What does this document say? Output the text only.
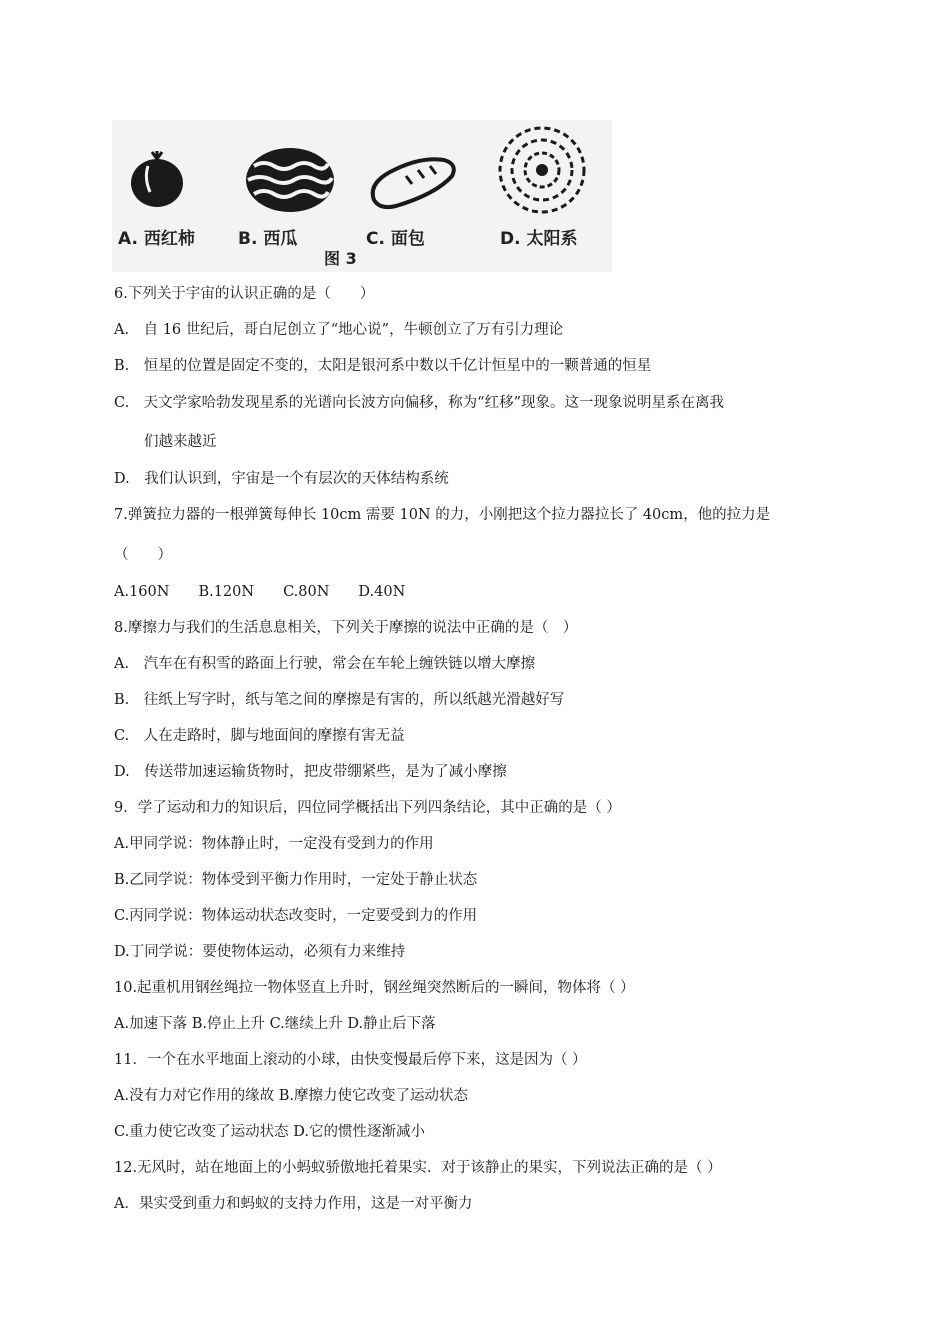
A. 西红柿	B. 西瓜	C. 面包	D. 太阳系
图 3
6.下列关于宇宙的认识正确的是（　　）
A.　自 16 世纪后，哥白尼创立了“地心说”，牛顿创立了万有引力理论
B.　恒星的位置是固定不变的，太阳是银河系中数以千亿计恒星中的一颗普通的恒星
C.　天文学家哈勃发现星系的光谱向长波方向偏移，称为“红移”现象。这一现象说明星系在离我
们越来越近
D.　我们认识到，宇宙是一个有层次的天体结构系统
7.弹簧拉力器的一根弹簧每伸长 10cm 需要 10N 的力，小刚把这个拉力器拉长了 40cm，他的拉力是
（　　）
A.160N　　B.120N　　C.80N　　D.40N
8.摩擦力与我们的生活息息相关，下列关于摩擦的说法中正确的是（　）
A.　汽车在有积雪的路面上行驶，常会在车轮上缠铁链以增大摩擦
B.　往纸上写字时，纸与笔之间的摩擦是有害的，所以纸越光滑越好写
C.　人在走路时，脚与地面间的摩擦有害无益
D.　传送带加速运输货物时，把皮带绷紧些，是为了减小摩擦
9．学了运动和力的知识后，四位同学概括出下列四条结论，其中正确的是（ ）
A.甲同学说：物体静止时，一定没有受到力的作用
B.乙同学说：物体受到平衡力作用时，一定处于静止状态
C.丙同学说：物体运动状态改变时，一定要受到力的作用
D.丁同学说：要使物体运动，必须有力来维持
10.起重机用钢丝绳拉一物体竖直上升时，钢丝绳突然断后的一瞬间，物体将（ ）
A.加速下落 B.停止上升 C.继续上升 D.静止后下落
11．一个在水平地面上滚动的小球，由快变慢最后停下来，这是因为（ ）
A.没有力对它作用的缘故 B.摩擦力使它改变了运动状态
C.重力使它改变了运动状态 D.它的惯性逐渐减小
12.无风时，站在地面上的小蚂蚁骄傲地托着果实．对于该静止的果实，下列说法正确的是（ ）
A．果实受到重力和蚂蚁的支持力作用，这是一对平衡力
